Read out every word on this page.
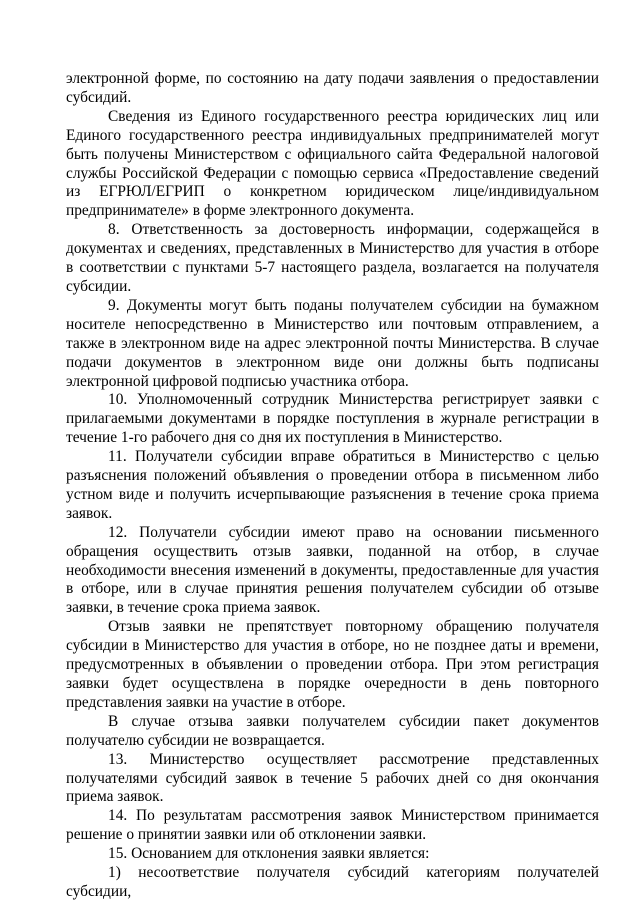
электронной форме, по состоянию на дату подачи заявления о предоставлении субсидий.

Сведения из Единого государственного реестра юридических лиц или Единого государственного реестра индивидуальных предпринимателей могут быть получены Министерством с официального сайта Федеральной налоговой службы Российской Федерации с помощью сервиса «Предоставление сведений из ЕГРЮЛ/ЕГРИП о конкретном юридическом лице/индивидуальном предпринимателе» в форме электронного документа.

8. Ответственность за достоверность информации, содержащейся в документах и сведениях, представленных в Министерство для участия в отборе в соответствии с пунктами 5-7 настоящего раздела, возлагается на получателя субсидии.

9. Документы могут быть поданы получателем субсидии на бумажном носителе непосредственно в Министерство или почтовым отправлением, а также в электронном виде на адрес электронной почты Министерства. В случае подачи документов в электронном виде они должны быть подписаны электронной цифровой подписью участника отбора.

10. Уполномоченный сотрудник Министерства регистрирует заявки с прилагаемыми документами в порядке поступления в журнале регистрации в течение 1-го рабочего дня со дня их поступления в Министерство.

11. Получатели субсидии вправе обратиться в Министерство с целью разъяснения положений объявления о проведении отбора в письменном либо устном виде и получить исчерпывающие разъяснения в течение срока приема заявок.

12. Получатели субсидии имеют право на основании письменного обращения осуществить отзыв заявки, поданной на отбор, в случае необходимости внесения изменений в документы, предоставленные для участия в отборе, или в случае принятия решения получателем субсидии об отзыве заявки, в течение срока приема заявок.

Отзыв заявки не препятствует повторному обращению получателя субсидии в Министерство для участия в отборе, но не позднее даты и времени, предусмотренных в объявлении о проведении отбора. При этом регистрация заявки будет осуществлена в порядке очередности в день повторного представления заявки на участие в отборе.

В случае отзыва заявки получателем субсидии пакет документов получателю субсидии не возвращается.

13. Министерство осуществляет рассмотрение представленных получателями субсидий заявок в течение 5 рабочих дней со дня окончания приема заявок.

14. По результатам рассмотрения заявок Министерством принимается решение о принятии заявки или об отклонении заявки.

15. Основанием для отклонения заявки является:

1) несоответствие получателя субсидий категориям получателей субсидии,
